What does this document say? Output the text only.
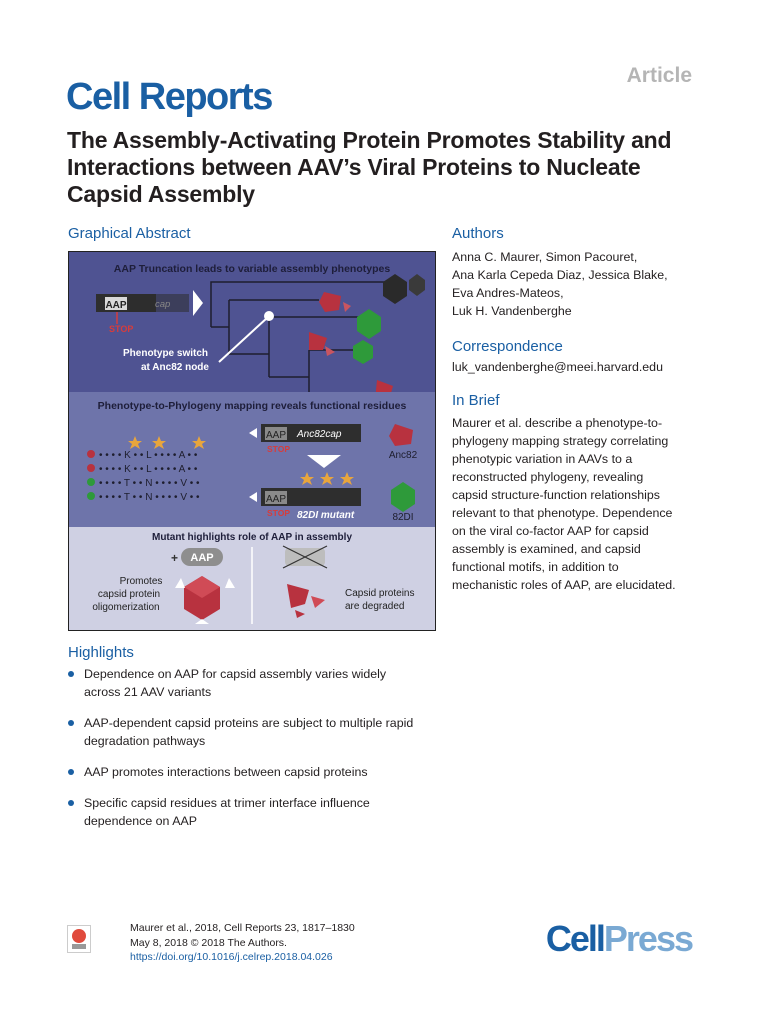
Cell Reports
Article
The Assembly-Activating Protein Promotes Stability and Interactions between AAV’s Viral Proteins to Nucleate Capsid Assembly
Graphical Abstract
AAP Truncation leads to variable assembly phenotypes
AAP
STOP
Phenotype switch
at Anc82 node
Phenotype-to-Phylogeny mapping reveals functional residues
• • • • K • • L • • • • A • •
• • • • K • • L • • • • A • •
• • • • T • • N • • • • V • •
• • • • T • • N • • • • V • •
AAP Anc82cap
STOP
Anc82
AAP
82DI mutant
STOP	82DI
Mutant highlights role of AAP in assembly
+ AAP
Promotes
capsid protein
oligomerization
Capsid proteins
are degraded
Authors
Anna C. Maurer, Simon Pacouret,
Ana Karla Cepeda Diaz, Jessica Blake,
Eva Andres-Mateos,
Luk H. Vandenberghe
Correspondence
luk_vandenberghe@meei.harvard.edu
In Brief
Maurer et al. describe a phenotype-to-
phylogeny mapping strategy correlating
phenotypic variation in AAVs to a
reconstructed phylogeny, revealing
capsid structure-function relationships
relevant to that phenotype. Dependence
on the viral co-factor AAP for capsid
assembly is examined, and capsid
functional motifs, in addition to
mechanistic roles of AAP, are elucidated.
Highlights
Dependence on AAP for capsid assembly varies widely
across 21 AAV variants
AAP-dependent capsid proteins are subject to multiple rapid
degradation pathways
AAP promotes interactions between capsid proteins
Specific capsid residues at trimer interface influence
dependence on AAP
Maurer et al., 2018, Cell Reports 23, 1817–1830
May 8, 2018 © 2018 The Authors.
https://doi.org/10.1016/j.celrep.2018.04.026	CellPress
